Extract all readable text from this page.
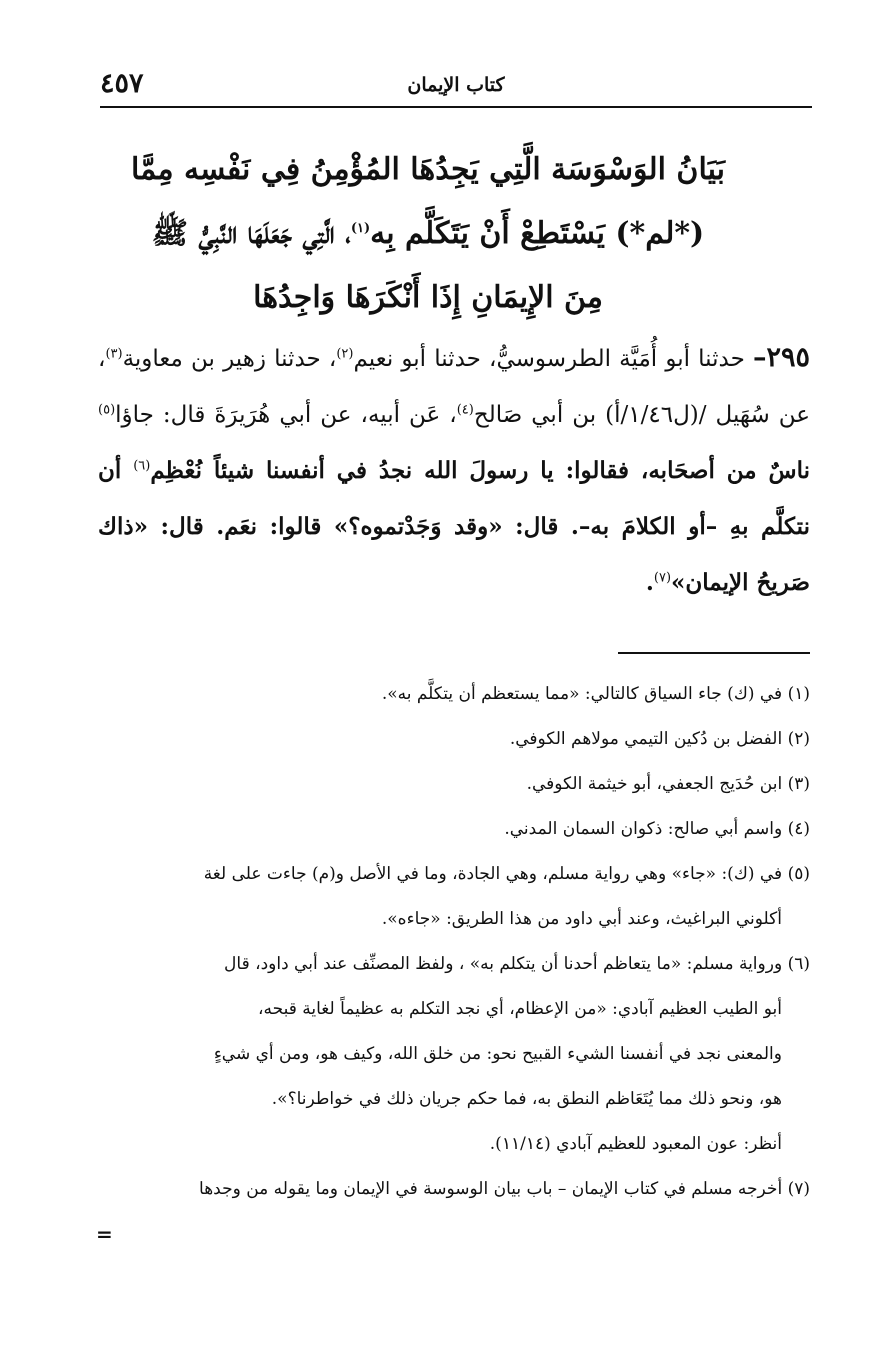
٤٥٧	كتاب الإيمان
بَيَانُ الوَسْوَسَة الَّتِي يَجِدُهَا المُؤْمِنُ فِي نَفْسِه مِمَّا
(*لم*) يَسْتَطِعْ أَنْ يَتَكَلَّم بِه$^{(١)}$، الَّتِي جَعَلَهَا النَّبِيُّ ﷺ
مِنَ الإِيمَانِ إِذَا أَنْكَرَهَا وَاجِدُهَا
٢٩٥– حدثنا أبو أُمَيَّة الطرسوسيُّ، حدثنا أبو نعيم$^{(٢)}$، حدثنا زهير بن معاوية$^{(٣)}$، عن سُهَيل /(ل١/٤٦/أ) بن أبي صَالح$^{(٤)}$، عَن أبيه، عن أبي هُرَيرَةَ قال: جاؤا$^{(٥)}$ ناسٌ من أصحَابه، فقالوا: يا رسولَ الله نجدُ في أنفسنا شيئاً نُعْظِم$^{(٦)}$ أن نتكلَّم بهِ –أو الكلامَ به–. قال: «وقد وَجَدْتموه؟» قالوا: نعَم. قال: «ذاك صَريحُ الإيمان»$^{(٧)}$.
(١) في (ك) جاء السياق كالتالي: «مما يستعظم أن يتكلَّم به».
(٢) الفضل بن دُكين التيمي مولاهم الكوفي.
(٣) ابن حُدَيج الجعفي، أبو خيثمة الكوفي.
(٤) واسم أبي صالح: ذكوان السمان المدني.
(٥) في (ك): «جاء» وهي رواية مسلم، وهي الجادة، وما في الأصل و(م) جاءت على لغة
أكلوني البراغيث، وعند أبي داود من هذا الطريق: «جاءه».
(٦) ورواية مسلم: «ما يتعاظم أحدنا أن يتكلم به» ، ولفظ المصنِّف عند أبي داود، قال
أبو الطيب العظيم آبادي: «من الإعظام، أي نجد التكلم به عظيماً لغاية قبحه،
والمعنى نجد في أنفسنا الشيء القبيح نحو: من خلق الله، وكيف هو، ومن أي شيءٍ
هو، ونحو ذلك مما يُتَعَاظم النطق به، فما حكم جريان ذلك في خواطرنا؟».
أنظر: عون المعبود للعظيم آبادي (١١/١٤).
(٧) أخرجه مسلم في كتاب الإيمان – باب بيان الوسوسة في الإيمان وما يقوله من وجدها
=
